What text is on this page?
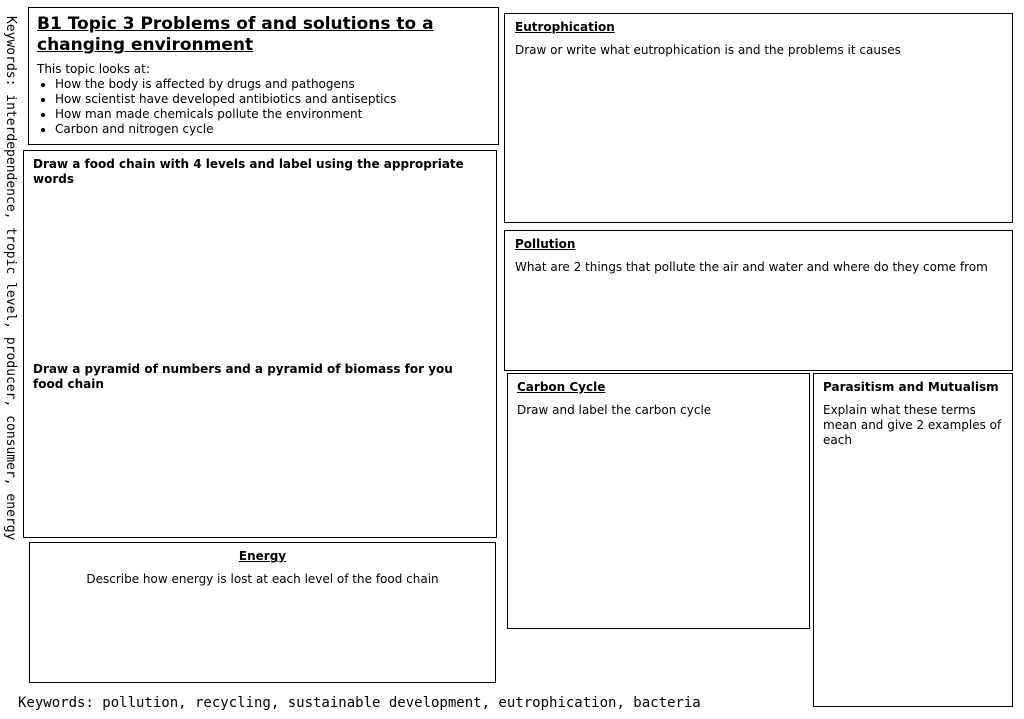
Keywords: interdependence, tropic level, producer, consumer, energy B1 Topic 3 Problems of and solutions to a changing environment
This topic looks at:
• How the body is affected by drugs and pathogens
• How scientist have developed antibiotics and antiseptics
• How man made chemicals pollute the environment
• Carbon and nitrogen cycle
Draw a food chain with 4 levels and label using the appropriate words
Draw a pyramid of numbers and a pyramid of biomass for you food chain
Energy
Describe how energy is lost at each level of the food chain
Eutrophication
Draw or write what eutrophication is and the problems it causes
Pollution
What are 2 things that pollute the air and water and where do they come from
Carbon Cycle
Draw and label the carbon cycle
Parasitism and Mutualism
Explain what these terms mean and give 2 examples of each
Keywords: pollution, recycling, sustainable development, eutrophication, bacteria
